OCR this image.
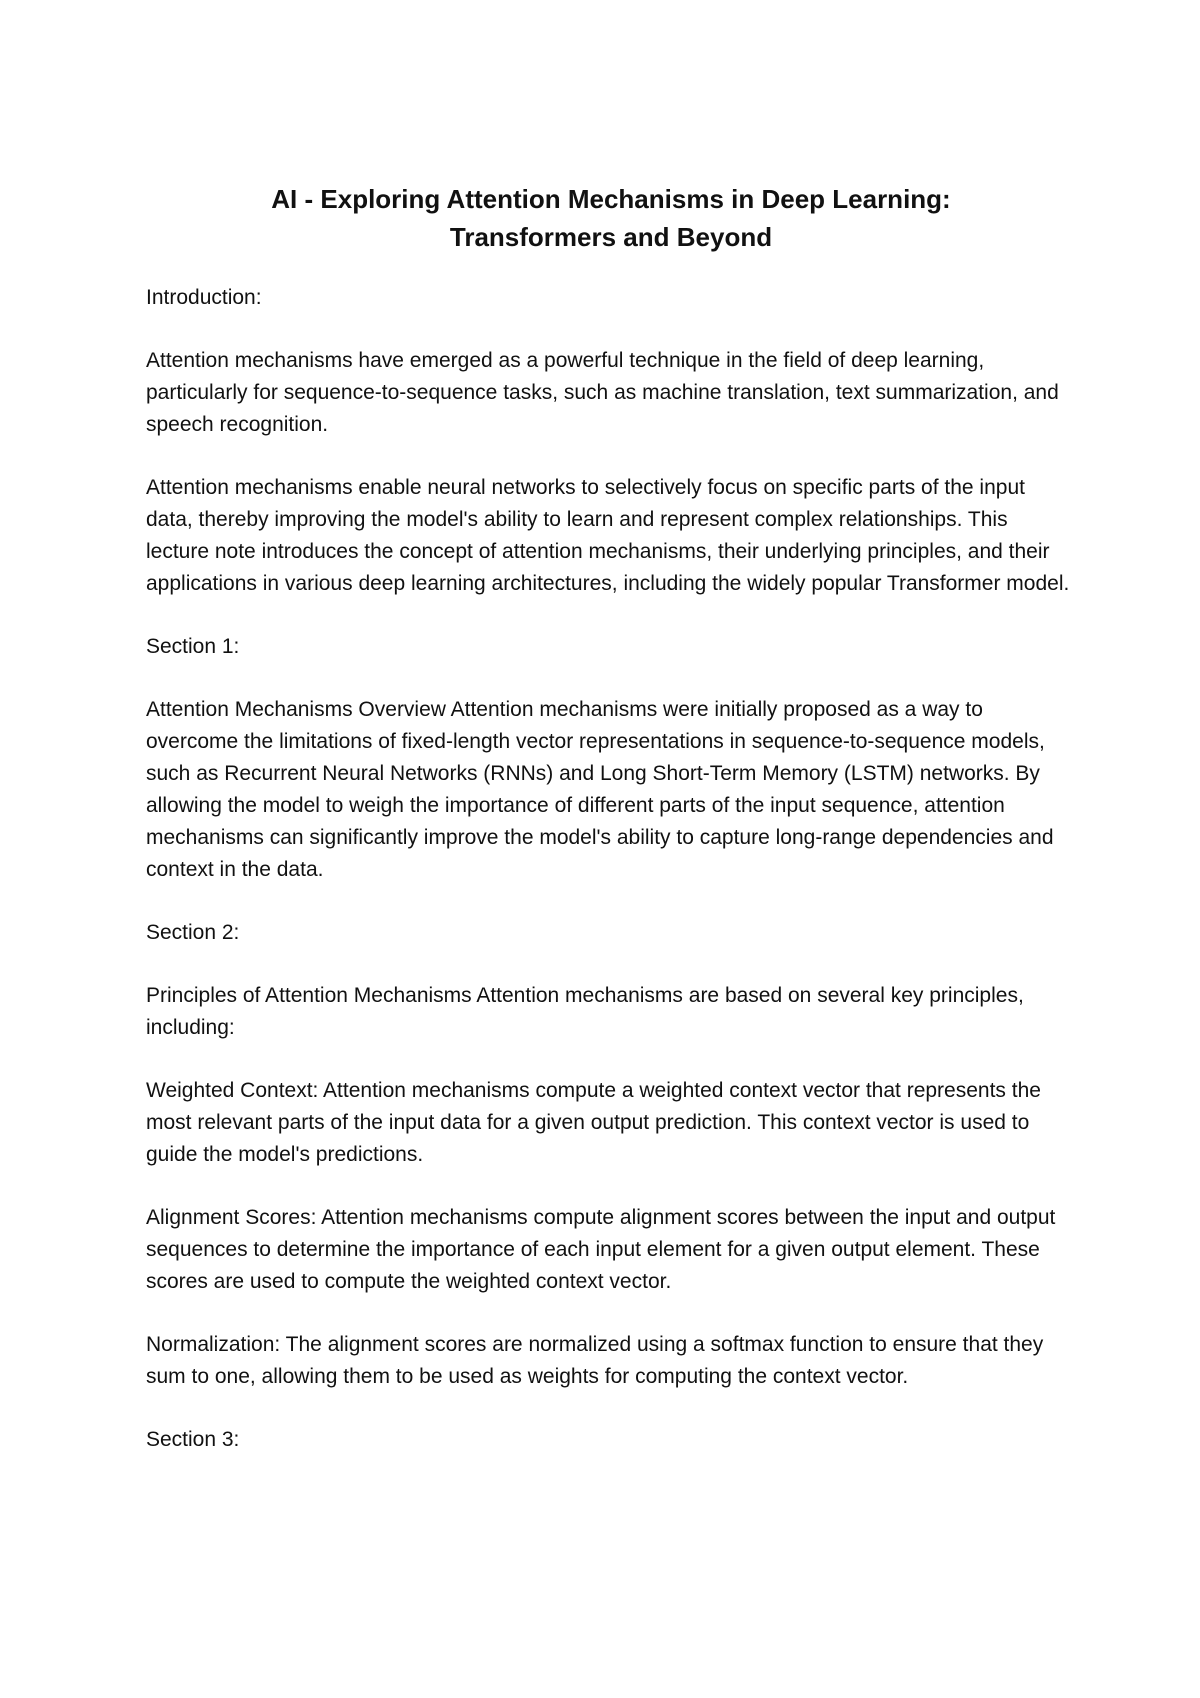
AI - Exploring Attention Mechanisms in Deep Learning:
Transformers and Beyond

Introduction:

Attention mechanisms have emerged as a powerful technique in the field of deep learning, particularly for sequence-to-sequence tasks, such as machine translation, text summarization, and speech recognition.

Attention mechanisms enable neural networks to selectively focus on specific parts of the input data, thereby improving the model's ability to learn and represent complex relationships. This lecture note introduces the concept of attention mechanisms, their underlying principles, and their applications in various deep learning architectures, including the widely popular Transformer model.

Section 1:

Attention Mechanisms Overview Attention mechanisms were initially proposed as a way to overcome the limitations of fixed-length vector representations in sequence-to-sequence models, such as Recurrent Neural Networks (RNNs) and Long Short-Term Memory (LSTM) networks. By allowing the model to weigh the importance of different parts of the input sequence, attention mechanisms can significantly improve the model's ability to capture long-range dependencies and context in the data.

Section 2:

Principles of Attention Mechanisms Attention mechanisms are based on several key principles, including:

Weighted Context: Attention mechanisms compute a weighted context vector that represents the most relevant parts of the input data for a given output prediction. This context vector is used to guide the model's predictions.

Alignment Scores: Attention mechanisms compute alignment scores between the input and output sequences to determine the importance of each input element for a given output element. These scores are used to compute the weighted context vector.

Normalization: The alignment scores are normalized using a softmax function to ensure that they sum to one, allowing them to be used as weights for computing the context vector.

Section 3:
